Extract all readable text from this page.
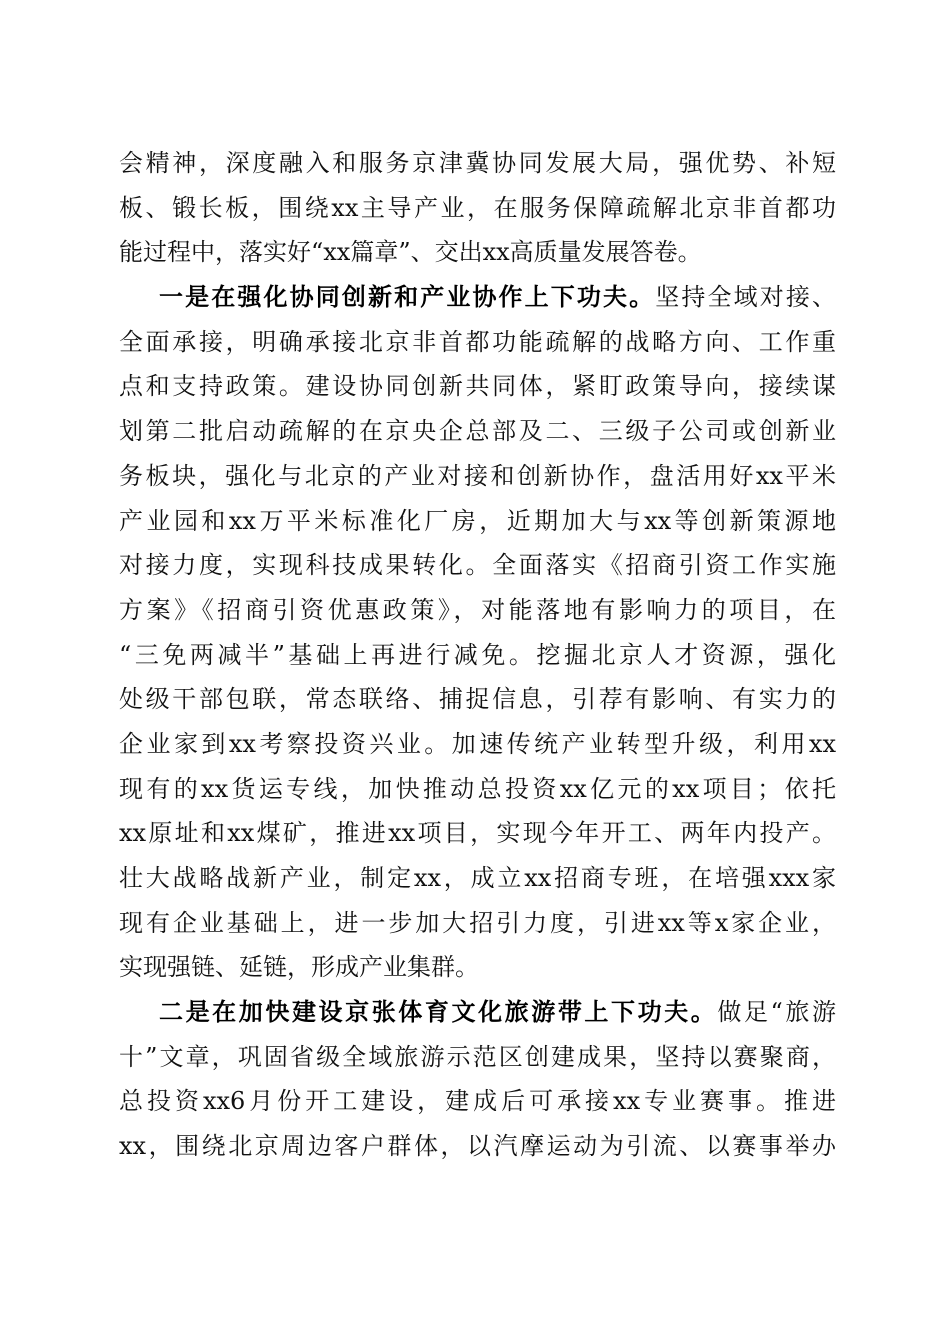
会精神，深度融入和服务京津冀协同发展大局，强优势、补短
板、锻长板，围绕xx主导产业，在服务保障疏解北京非首都功
能过程中，落实好“xx篇章”、交出xx高质量发展答卷。
一是在强化协同创新和产业协作上下功夫。坚持全域对接、
全面承接，明确承接北京非首都功能疏解的战略方向、工作重
点和支持政策。建设协同创新共同体，紧盯政策导向，接续谋
划第二批启动疏解的在京央企总部及二、三级子公司或创新业
务板块，强化与北京的产业对接和创新协作，盘活用好xx平米
产业园和xx万平米标准化厂房，近期加大与xx等创新策源地
对接力度，实现科技成果转化。全面落实《招商引资工作实施
方案》《招商引资优惠政策》，对能落地有影响力的项目，在
“三免两减半”基础上再进行减免。挖掘北京人才资源，强化
处级干部包联，常态联络、捕捉信息，引荐有影响、有实力的
企业家到xx考察投资兴业。加速传统产业转型升级，利用xx
现有的xx货运专线，加快推动总投资xx亿元的xx项目；依托
xx原址和xx煤矿，推进xx项目，实现今年开工、两年内投产。
壮大战略战新产业，制定xx，成立xx招商专班，在培强xxx家
现有企业基础上，进一步加大招引力度，引进xx等x家企业，
实现强链、延链，形成产业集群。
二是在加快建设京张体育文化旅游带上下功夫。做足“旅游
十”文章，巩固省级全域旅游示范区创建成果，坚持以赛聚商，
总投资xx6月份开工建设，建成后可承接xx专业赛事。推进
xx，围绕北京周边客户群体，以汽摩运动为引流、以赛事举办
